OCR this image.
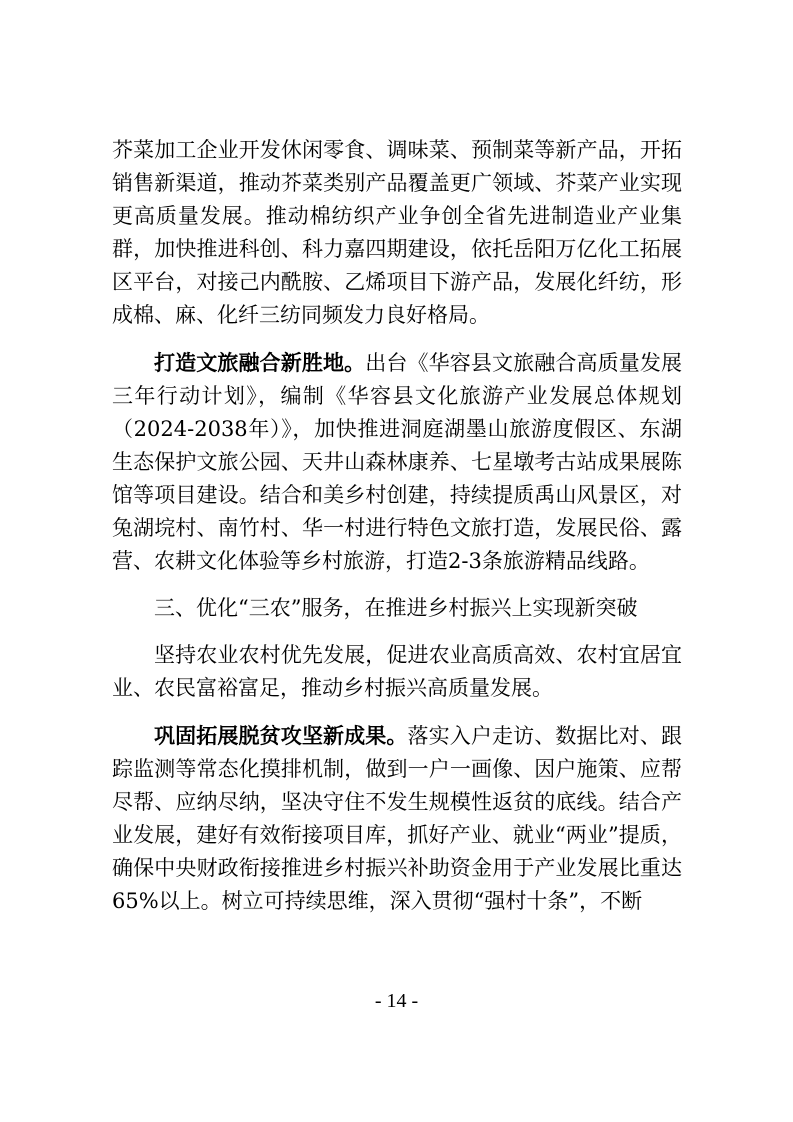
芥菜加工企业开发休闲零食、调味菜、预制菜等新产品，开拓销售新渠道，推动芥菜类别产品覆盖更广领域、芥菜产业实现更高质量发展。推动棉纺织产业争创全省先进制造业产业集群，加快推进科创、科力嘉四期建设，依托岳阳万亿化工拓展区平台，对接己内酰胺、乙烯项目下游产品，发展化纤纺，形成棉、麻、化纤三纺同频发力良好格局。

打造文旅融合新胜地。出台《华容县文旅融合高质量发展三年行动计划》，编制《华容县文化旅游产业发展总体规划（2024-2038年）》，加快推进洞庭湖墨山旅游度假区、东湖生态保护文旅公园、天井山森林康养、七星墩考古站成果展陈馆等项目建设。结合和美乡村创建，持续提质禹山风景区，对兔湖垸村、南竹村、华一村进行特色文旅打造，发展民俗、露营、农耕文化体验等乡村旅游，打造2-3条旅游精品线路。

三、优化“三农”服务，在推进乡村振兴上实现新突破

坚持农业农村优先发展，促进农业高质高效、农村宜居宜业、农民富裕富足，推动乡村振兴高质量发展。

巩固拓展脱贫攻坚新成果。落实入户走访、数据比对、跟踪监测等常态化摸排机制，做到一户一画像、因户施策、应帮尽帮、应纳尽纳，坚决守住不发生规模性返贫的底线。结合产业发展，建好有效衔接项目库，抓好产业、就业“两业”提质，确保中央财政衔接推进乡村振兴补助资金用于产业发展比重达65%以上。树立可持续思维，深入贯彻“强村十条”，不断

- 14 -
